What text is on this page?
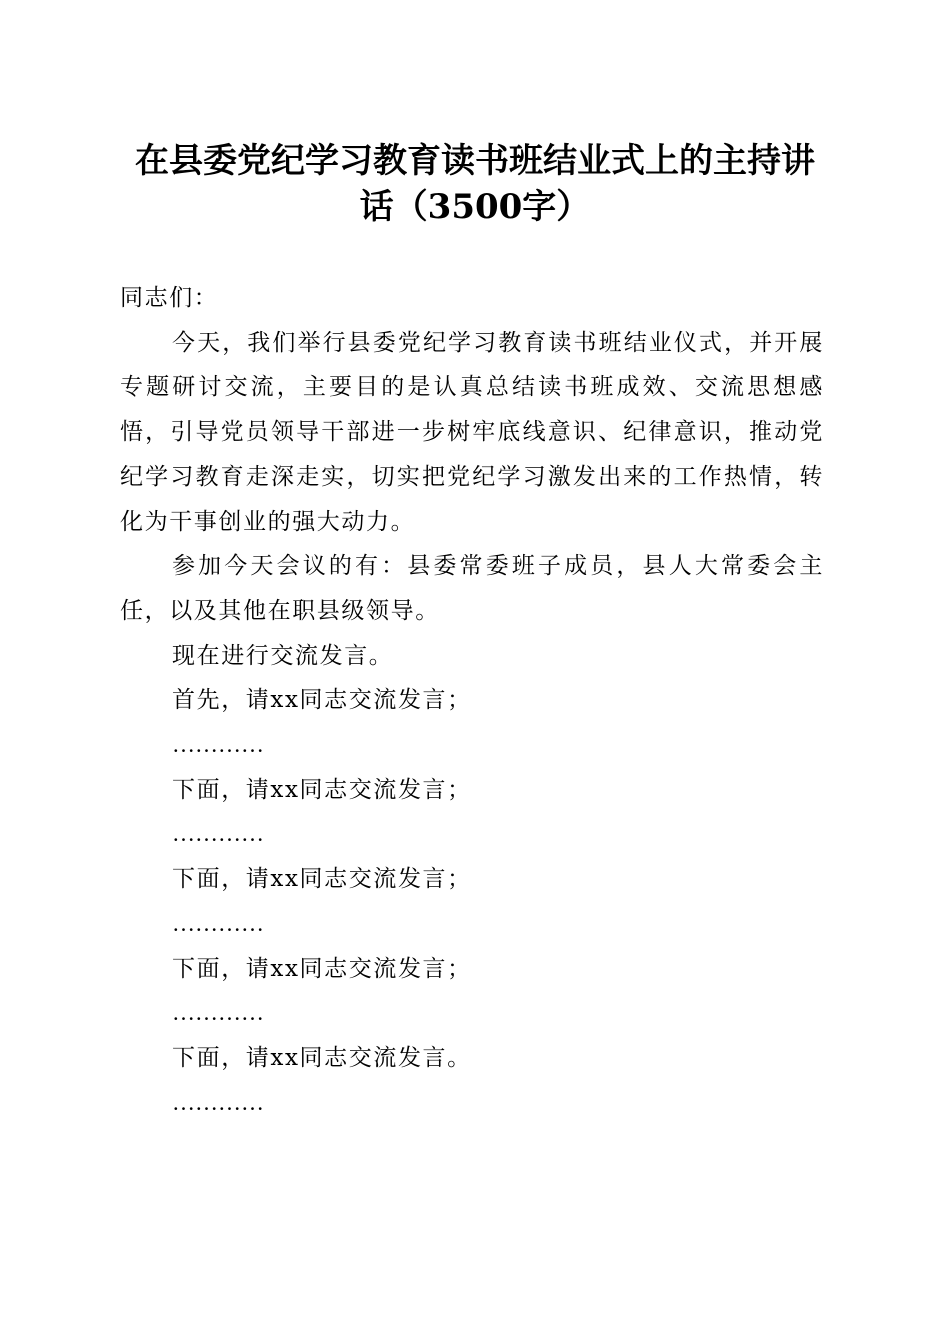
在县委党纪学习教育读书班结业式上的主持讲
话（3500字）

同志们：

今天，我们举行县委党纪学习教育读书班结业仪式，并开展专题研讨交流，主要目的是认真总结读书班成效、交流思想感悟，引导党员领导干部进一步树牢底线意识、纪律意识，推动党纪学习教育走深走实，切实把党纪学习激发出来的工作热情，转化为干事创业的强大动力。

参加今天会议的有：县委常委班子成员，县人大常委会主任，以及其他在职县级领导。

现在进行交流发言。

首先，请xx同志交流发言；

…………

下面，请xx同志交流发言；

…………

下面，请xx同志交流发言；

…………

下面，请xx同志交流发言；

…………

下面，请xx同志交流发言。

…………
